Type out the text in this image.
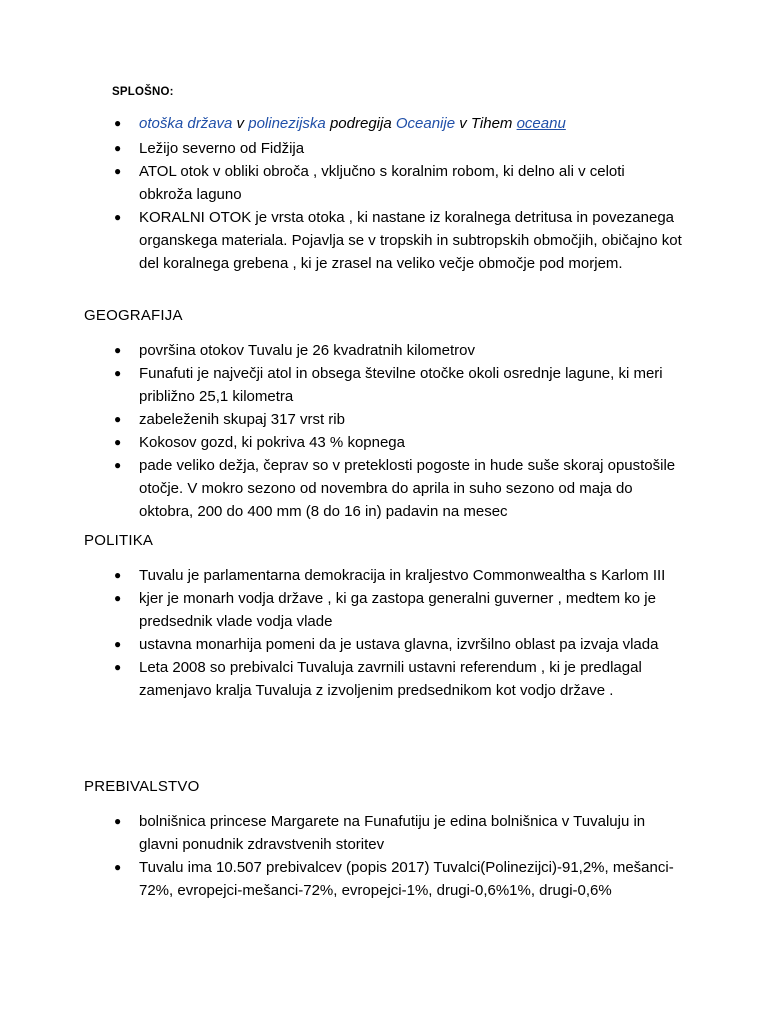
SPLOŠNO:
● otoška država v polinezijska podregija Oceanije v Tihem oceanu
● Ležijo severno od Fidžija
● ATOL otok v obliki obroča , vključno s koralnim robom, ki delno ali v celoti obkroža laguno
● KORALNI OTOK je vrsta otoka , ki nastane iz koralnega detritusa in povezanega organskega materiala. Pojavlja se v tropskih in subtropskih območjih, običajno kot del koralnega grebena , ki je zrasel na veliko večje območje pod morjem.
GEOGRAFIJA
● površina otokov Tuvalu je 26 kvadratnih kilometrov
● Funafuti je največji atol in obsega številne otočke okoli osrednje lagune, ki meri približno 25,1 kilometra
● zabeleženih skupaj 317 vrst rib
● Kokosov gozd, ki pokriva 43 % kopnega
● pade veliko dežja, čeprav so v preteklosti pogoste in hude suše skoraj opustošile otočje. V mokro sezono od novembra do aprila in suho sezono od maja do oktobra, 200 do 400 mm (8 do 16 in) padavin na mesec
POLITIKA
● Tuvalu je parlamentarna demokracija in kraljestvo Commonwealtha s Karlom III
● kjer je monarh vodja države , ki ga zastopa generalni guverner , medtem ko je predsednik vlade vodja vlade
● ustavna monarhija pomeni da je ustava glavna, izvršilno oblast pa izvaja vlada
● Leta 2008 so prebivalci Tuvaluja zavrnili ustavni referendum , ki je predlagal zamenjavo kralja Tuvaluja z izvoljenim predsednikom kot vodjo države .
PREBIVALSTVO
● bolnišnica princese Margarete na Funafutiju je edina bolnišnica v Tuvaluju in glavni ponudnik zdravstvenih storitev
● Tuvalu ima 10.507 prebivalcev (popis 2017) Tuvalci(Polinezijci)-91,2%, mešanci-72%, evropejci-mešanci-72%, evropejci-1%, drugi-0,6%1%, drugi-0,6%
